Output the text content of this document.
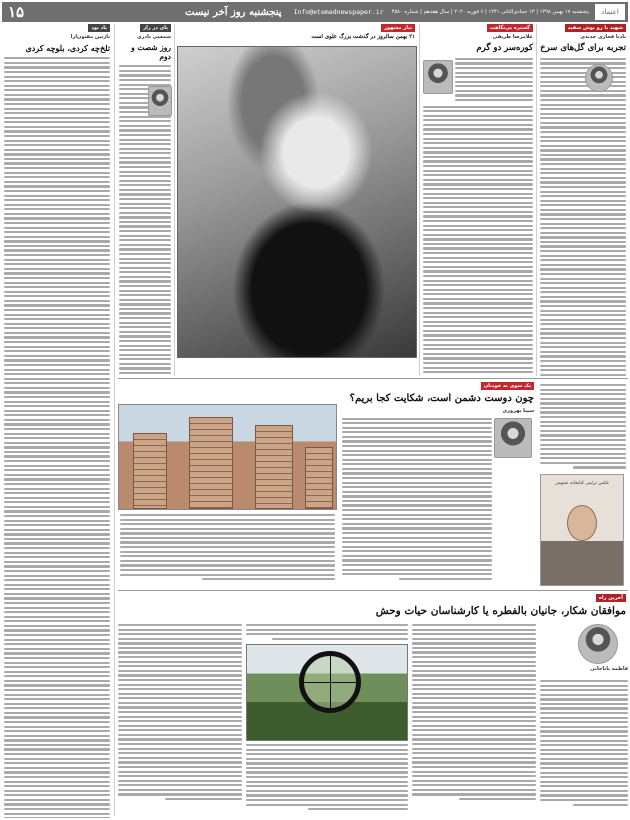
اعتماد
پنجشنبه ۱۷ بهمن ۱۳۹۸ | ۱۳ جمادی‌الثانی ۱۴۴۱ | ۶ فوریه ۲۰۲۰ | سال هفدهم | شماره ۴۵۸۰
Info@etemadnewspaper.ir
پنجشنبه روز آخر نیست
۱۵
شهید با رو پوش سفید
نادیا فخاری جدیدی
تجربه برای گل‌های سرخ
گستره بی‌نگاهت
غلامرضا طریقی
کوره‌سر دو گرم
تبار مشهور
۲۱ بهمن سالروز در گذشت بزرگ علوی است
پای در راز
شمسی نادری
روز شصت و دوم
یاد بود
نازنین مفتون‌ارا
تلخ‌چه کردی، بلوچه کردی
یک سوی نه خودتان
چون دوست دشمن است، شکایت کجا بریم؟
سینا بهروزی
عکس تزئینی کتابخانه عمومی
آخرین راه
موافقان شکار، جانیان بالفطره یا کارشناسان حیات وحش
فاطمه باباخانی
